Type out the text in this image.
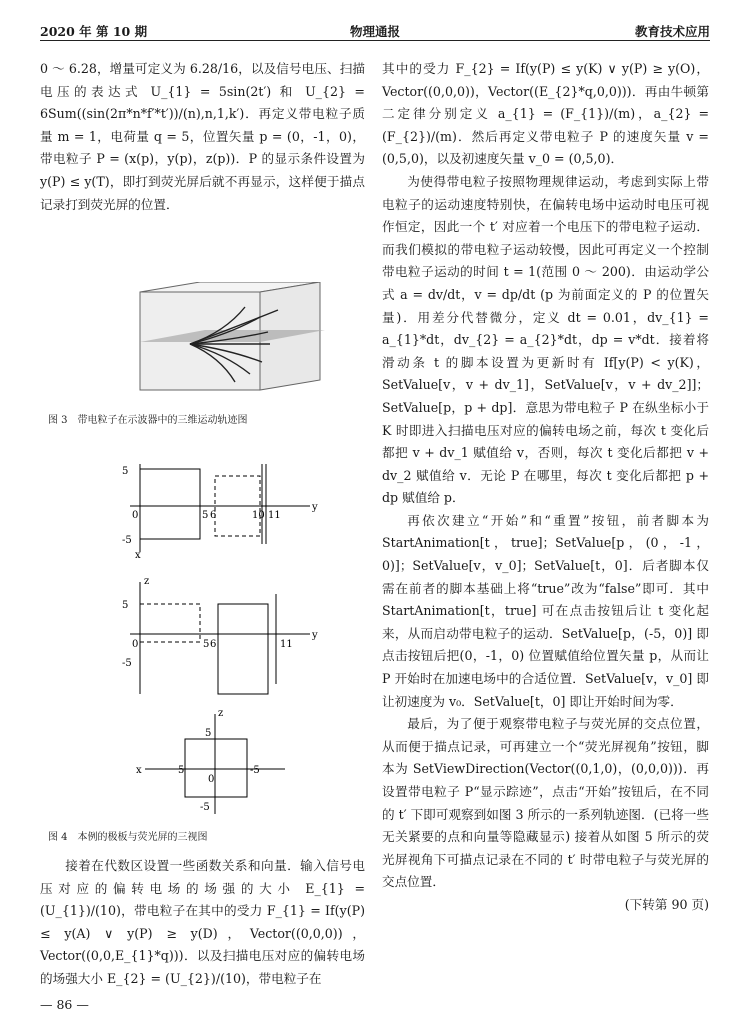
2020 年 第 10 期	物理通报	教育技术应用

0 ～ 6.28，增量可定义为 6.28/16，以及信号电压、扫描电压的表达式 U_{1} = 5sin(2t′) 和 U_{2} = 6Sum((sin(2π*n*f′*t′))/(n),n,1,k′)．再定义带电粒子质量 m = 1，电荷量 q = 5，位置矢量 p = (0，-1，0)，带电粒子 P = (x(p)，y(p)，z(p))．P 的显示条件设置为 y(P) ≤ y(T)，即打到荧光屏后就不再显示，这样便于描点记录打到荧光屏的位置．

图 3　带电粒子在示波器中的三维运动轨迹图
y
x
5
0
-5
5 6	10 11
y
z
5
0
-5
5 6	11
x
z
5
0
-5
5	-5
图 4　本例的极板与荧光屏的三视图

接着在代数区设置一些函数关系和向量．输入信号电压对应的偏转电场的场强的大小 E_{1} = (U_{1})/(10)，带电粒子在其中的受力 F_{1} = If(y(P) ≤ y(A) ∨ y(P) ≥ y(D)，Vector((0,0,0))，Vector((0,0,E_{1}*q)))．以及扫描电压对应的偏转电场的场强大小 E_{2} = (U_{2})/(10)，带电粒子在

其中的受力 F_{2} = If(y(P) ≤ y(K) ∨ y(P) ≥ y(O)，Vector((0,0,0))，Vector((E_{2}*q,0,0)))．再由牛顿第二定律分别定义 a_{1} = (F_{1})/(m)，a_{2} = (F_{2})/(m)．然后再定义带电粒子 P 的速度矢量 v = (0,5,0)，以及初速度矢量 v_0 = (0,5,0)．

为使得带电粒子按照物理规律运动，考虑到实际上带电粒子的运动速度特别快，在偏转电场中运动时电压可视作恒定，因此一个 t′ 对应着一个电压下的带电粒子运动．而我们模拟的带电粒子运动较慢，因此可再定义一个控制带电粒子运动的时间 t = 1(范围 0 ～ 200)．由运动学公式 a = dv/dt，v = dp/dt (p 为前面定义的 P 的位置矢量)．用差分代替微分，定义 dt = 0.01，dv_{1} = a_{1}*dt，dv_{2} = a_{2}*dt，dp = v*dt．接着将滑动条 t 的脚本设置为更新时有 If[y(P) < y(K)，SetValue[v，v + dv_1]，SetValue[v，v + dv_2]]；SetValue[p，p + dp]．意思为带电粒子 P 在纵坐标小于 K 时即进入扫描电压对应的偏转电场之前，每次 t 变化后都把 v + dv_1 赋值给 v，否则，每次 t 变化后都把 v + dv_2 赋值给 v．无论 P 在哪里，每次 t 变化后都把 p + dp 赋值给 p．

再依次建立“开始”和“重置”按钮，前者脚本为 StartAnimation[t，true]；SetValue[p，(0，-1，0)]；SetValue[v，v_0]；SetValue[t，0]．后者脚本仅需在前者的脚本基础上将“true”改为“false”即可．其中 StartAnimation[t，true] 可在点击按钮后让 t 变化起来，从而启动带电粒子的运动．SetValue[p，(-5，0)] 即点击按钮后把(0，-1，0) 位置赋值给位置矢量 p，从而让 P 开始时在加速电场中的合适位置．SetValue[v，v_0] 即让初速度为 v₀．SetValue[t，0] 即让开始时间为零．

最后，为了便于观察带电粒子与荧光屏的交点位置，从而便于描点记录，可再建立一个“荧光屏视角”按钮，脚本为 SetViewDirection(Vector((0,1,0)，(0,0,0)))．再设置带电粒子 P“显示踪迹”，点击“开始”按钮后，在不同的 t′ 下即可观察到如图 3 所示的一系列轨迹图．(已将一些无关紧要的点和向量等隐藏显示) 接着从如图 5 所示的荧光屏视角下可描点记录在不同的 t′ 时带电粒子与荧光屏的交点位置．

(下转第 90 页)

— 86 —
